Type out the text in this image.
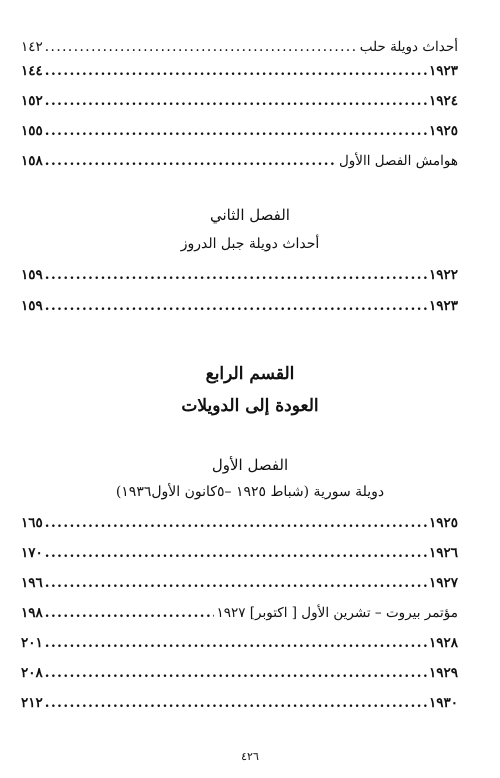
١٤٢ .....	أحداث دويلة حلب
١٤٤ .....	١٩٢٣
١٥٢ .....	١٩٢٤
١٥٥ .....	١٩٢٥
١٥٨ .....	هوامش الفصل االأول
الفصل الثاني
أحداث دويلة جبل الدروز
١٥٩ .....	١٩٢٢
١٥٩ .....	١٩٢٣
القسم الرابع
العودة إلى الدويلات
الفصل الأول
دويلة سورية (شباط ١٩٢٥ –٥كانون الأول١٩٣٦)
١٦٥ .....	١٩٢٥
١٧٠ .....	١٩٢٦
١٩٦ .....	١٩٢٧
١٩٨ .....	مؤتمر بيروت – تشرين الأول [ اكتوبر] ١٩٢٧
٢٠١ .....	١٩٢٨
٢٠٨ .....	١٩٢٩
٢١٢ .....	١٩٣٠
٤٢٦
